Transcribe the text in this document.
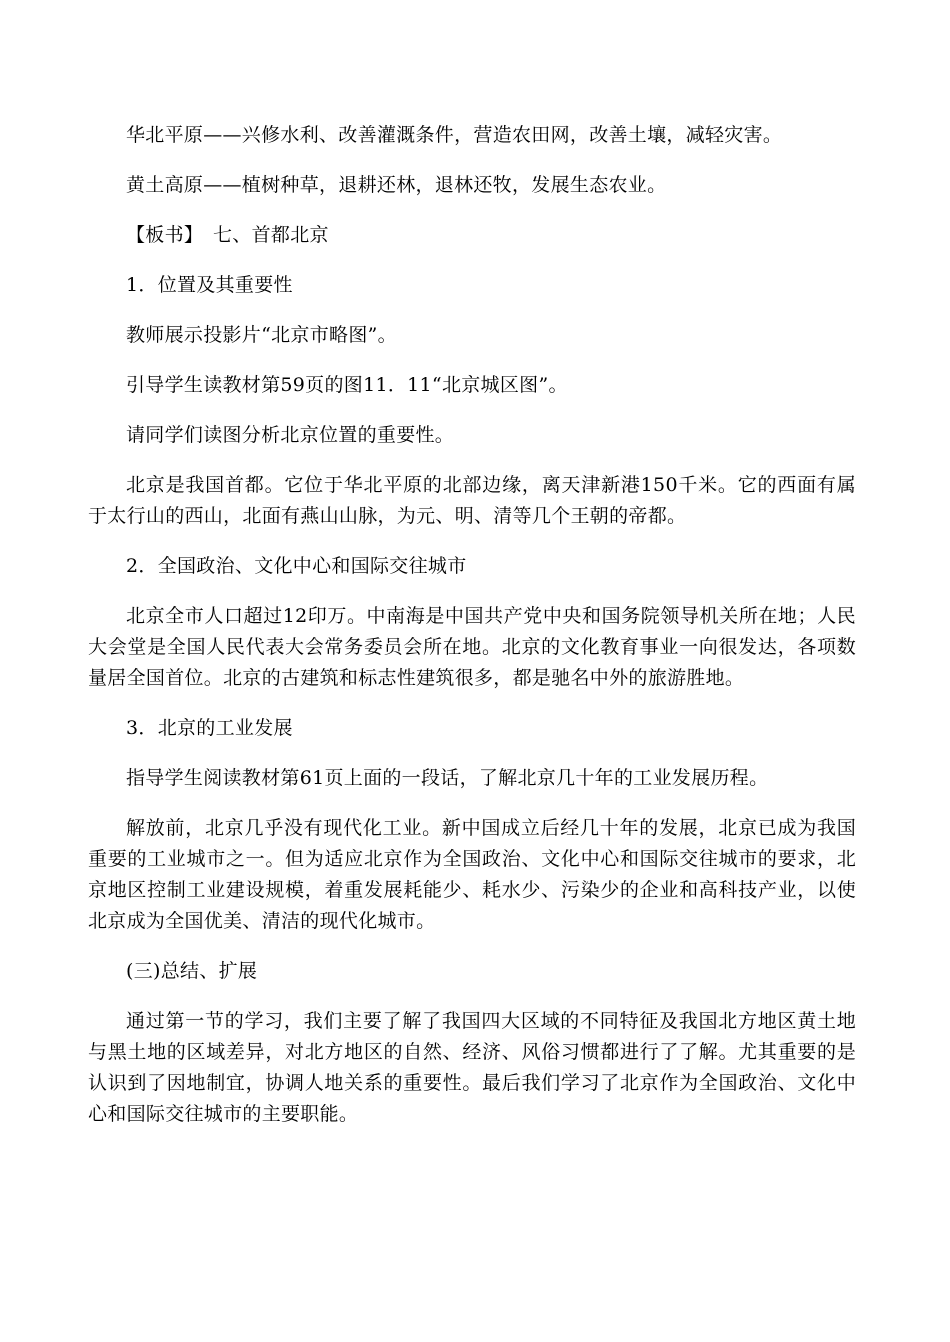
华北平原——兴修水利、改善灌溉条件，营造农田网，改善土壤，减轻灾害。

黄土高原——植树种草，退耕还林，退林还牧，发展生态农业。

【板书】　七、首都北京

1．位置及其重要性

教师展示投影片“北京市略图”。

引导学生读教材第59页的图11．11“北京城区图”。

请同学们读图分析北京位置的重要性。

北京是我国首都。它位于华北平原的北部边缘，离天津新港150千米。它的西面有属于太行山的西山，北面有燕山山脉，为元、明、清等几个王朝的帝都。

2．全国政治、文化中心和国际交往城市

北京全市人口超过12印万。中南海是中国共产党中央和国务院领导机关所在地；人民大会堂是全国人民代表大会常务委员会所在地。北京的文化教育事业一向很发达，各项数量居全国首位。北京的古建筑和标志性建筑很多，都是驰名中外的旅游胜地。

3．北京的工业发展

指导学生阅读教材第61页上面的一段话，了解北京几十年的工业发展历程。

解放前，北京几乎没有现代化工业。新中国成立后经几十年的发展，北京已成为我国重要的工业城市之一。但为适应北京作为全国政治、文化中心和国际交往城市的要求，北京地区控制工业建设规模，着重发展耗能少、耗水少、污染少的企业和高科技产业，以使北京成为全国优美、清洁的现代化城市。

(三)总结、扩展

通过第一节的学习，我们主要了解了我国四大区域的不同特征及我国北方地区黄土地与黑土地的区域差异，对北方地区的自然、经济、风俗习惯都进行了了解。尤其重要的是认识到了因地制宜，协调人地关系的重要性。最后我们学习了北京作为全国政治、文化中心和国际交往城市的主要职能。
